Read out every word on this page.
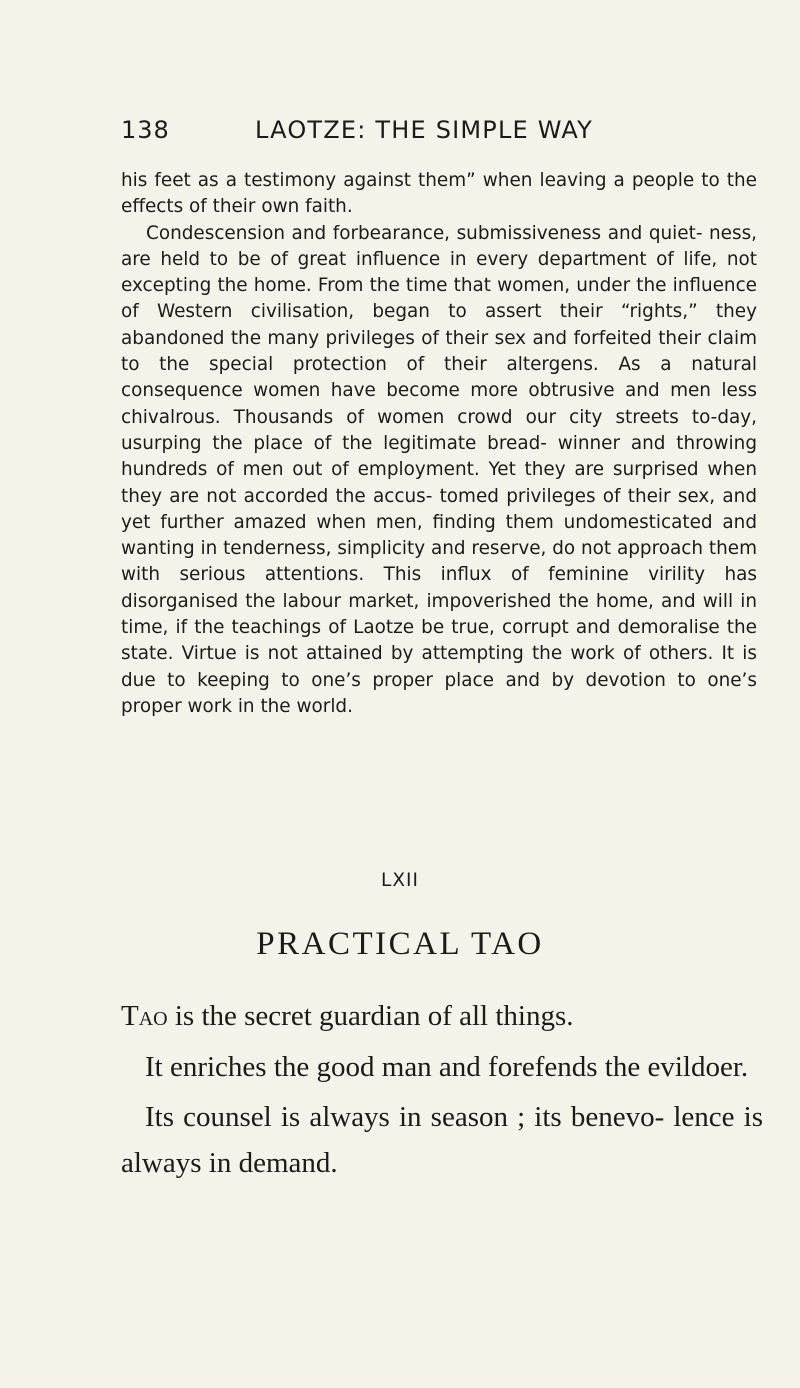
138	LAOTZE: THE SIMPLE WAY

his feet as a testimony against them” when leaving a people to the effects of their own faith.

Condescension and forbearance, submissiveness and quiet- ness, are held to be of great influence in every department of life, not excepting the home. From the time that women, under the influence of Western civilisation, began to assert their “rights,” they abandoned the many privileges of their sex and forfeited their claim to the special protection of their altergens. As a natural consequence women have become more obtrusive and men less chivalrous. Thousands of women crowd our city streets to-day, usurping the place of the legitimate bread- winner and throwing hundreds of men out of employment. Yet they are surprised when they are not accorded the accus- tomed privileges of their sex, and yet further amazed when men, finding them undomesticated and wanting in tenderness, simplicity and reserve, do not approach them with serious attentions. This influx of feminine virility has disorganised the labour market, impoverished the home, and will in time, if the teachings of Laotze be true, corrupt and demoralise the state. Virtue is not attained by attempting the work of others. It is due to keeping to one’s proper place and by devotion to one’s proper work in the world.

LXII
PRACTICAL TAO

Tao is the secret guardian of all things.

It enriches the good man and forefends the evildoer.

Its counsel is always in season ; its benevo- lence is always in demand.
